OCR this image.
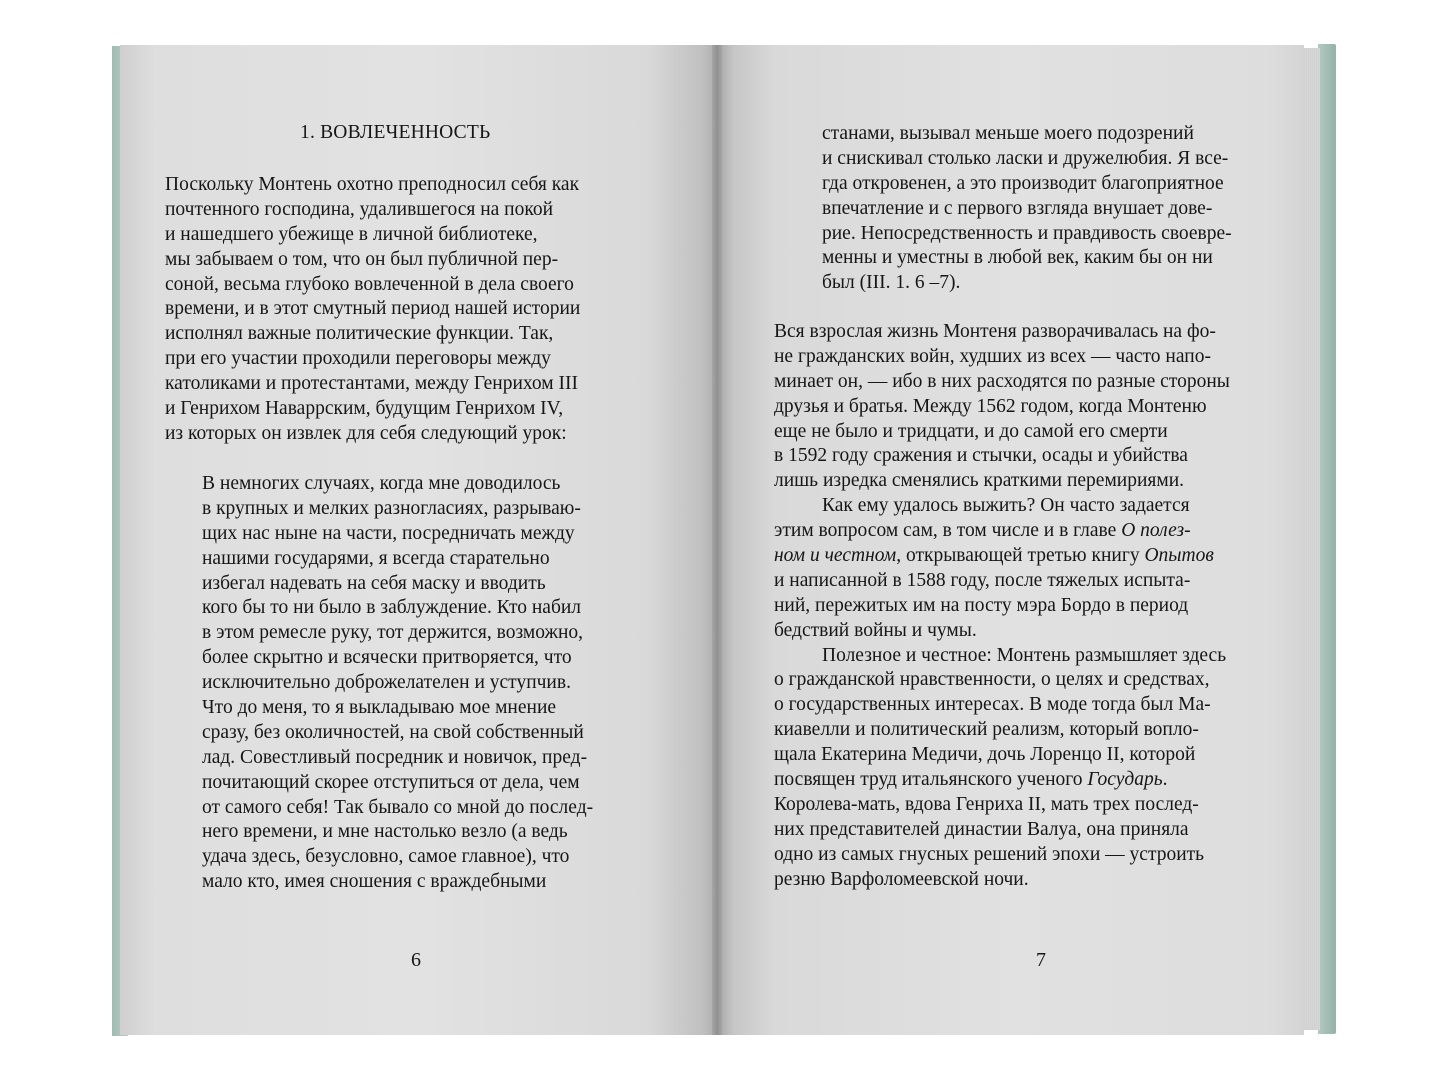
1. ВОВЛЕЧЕННОСТЬ
Поскольку Монтень охотно преподносил себя как
почтенного господина, удалившегося на покой
и нашедшего убежище в личной библиотеке,
мы забываем о том, что он был публичной пер-
соной, весьма глубоко вовлеченной в дела своего
времени, и в этот смутный период нашей истории
исполнял важные политические функции. Так,
при его участии проходили переговоры между
католиками и протестантами, между Генрихом III
и Генрихом Наваррским, будущим Генрихом IV,
из которых он извлек для себя следующий урок:
В немногих случаях, когда мне доводилось
в крупных и мелких разногласиях, разрываю-
щих нас ныне на части, посредничать между
нашими государями, я всегда старательно
избегал надевать на себя маску и вводить
кого бы то ни было в заблуждение. Кто набил
в этом ремесле руку, тот держится, возможно,
более скрытно и всячески притворяется, что
исключительно доброжелателен и уступчив.
Что до меня, то я выкладываю мое мнение
сразу, без околичностей, на свой собственный
лад. Совестливый посредник и новичок, пред-
почитающий скорее отступиться от дела, чем
от самого себя! Так бывало со мной до послед-
него времени, и мне настолько везло (а ведь
удача здесь, безусловно, самое главное), что
мало кто, имея сношения с враждебными
6
станами, вызывал меньше моего подозрений
и снискивал столько ласки и дружелюбия. Я все-
гда откровенен, а это производит благоприятное
впечатление и с первого взгляда внушает дове-
рие. Непосредственность и правдивость своевре-
менны и уместны в любой век, каким бы он ни
был (III. 1. 6 –7).
Вся взрослая жизнь Монтеня разворачивалась на фо-
не гражданских войн, худших из всех — часто напо-
минает он, — ибо в них расходятся по разные стороны
друзья и братья. Между 1562 годом, когда Монтеню
еще не было и тридцати, и до самой его смерти
в 1592 году сражения и стычки, осады и убийства
лишь изредка сменялись краткими перемириями.
Как ему удалось выжить? Он часто задается
этим вопросом сам, в том числе и в главе О полез-
ном и честном, открывающей третью книгу Опытов
и написанной в 1588 году, после тяжелых испыта-
ний, пережитых им на посту мэра Бордо в период
бедствий войны и чумы.
Полезное и честное: Монтень размышляет здесь
о гражданской нравственности, о целях и средствах,
о государственных интересах. В моде тогда был Ма-
киавелли и политический реализм, который вопло-
щала Екатерина Медичи, дочь Лоренцо II, которой
посвящен труд итальянского ученого Государь.
Королева-мать, вдова Генриха II, мать трех послед-
них представителей династии Валуа, она приняла
одно из самых гнусных решений эпохи — устроить
резню Варфоломеевской ночи.
7
